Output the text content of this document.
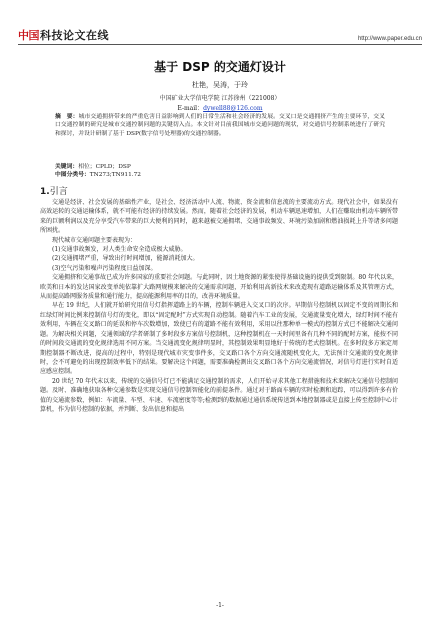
中国 科技论文在线	http://www.paper.edu.cn
基于 DSP 的交通灯设计
杜艳，吴涛，于玲
中国矿业大学信电学院 江苏徐州（221008）
E-mail：dywell88@126.com
摘　要：城市交通拥挤带来的严重危害日益影响到人们的日常生活和社会经济的发展。交叉口是交通拥挤产生的主要环节，交叉口交通控制的研究是城市交通控制问题的关键切入点。本文针对目前我国城市交通问题的现状，对交通信号控制系统进行了研究和探讨，并设计研制了基于 DSP(数字信号处理器)的交通控制器。
关键词：相位；CPLD；DSP
中图分类号：TN273;TN911.72
1.引言

交通是经济、社会发展的基础性产业，是社会、经济活动中人流、物流、资金流和信息流的主要流动方式。现代社会中，如果没有高效运转的交通运输体系，就不可能有经济的持续发展。然而，随着社会经济的发展，机动车辆迅速增加，人们在赚取由机动车辆所带来的巨额利润以及充分享受汽车带来的巨大便利的同时，越来越被交通拥堵、交通事故频发、环境污染加剧和燃油损耗上升等诸多问题所困扰。

现代城市交通问题主要表现为：

(1)交通事故频发，对人类生命安全造成极大威胁。

(2)交通拥堵严重，导致出行时间增加，能源消耗加大。

(3)空气污染和噪声污染程度日益加深。

交通拥挤和交通事故已成为许多国家的重要社会问题。与此同时，因土地资源的紧张使得基础设施的提供受到限制。80 年代以来，欧美和日本的发达国家改变单纯依靠扩大路网规模来解决的交通需求问题，开始利用高新技术来改造现有道路运输体系及其管理方式，从而提高路网服务质量和通行能力，提高能源利用率的目的，改善环境质量。

早在 19 世纪，人们就开始研究用信号灯指挥道路上的车辆，控制车辆进入交叉口的次序。早期信号控制机以固定不变的周期长和红绿灯时间比例来控制信号灯的变化，即以“固定配时”方式实现自动控制。随着汽车工业的发展，交通流量变化增大，绿灯时间不能有效利用，车辆在交叉路口的延误和停车次数增加，致使已有的道路不能有效利用，采用以往那种单一模式的控制方式已不能解决交通问题。为解决相关问题，交通领域的学者研制了多时段多方案信号控制机，这种控制机在一天时间里备有几种不同的配时方案，能按不同的时间段交通流的变化规律选用不同方案。当交通流变化规律明显时，其控制效果明显地好于传统的老式控制机。在多时段多方案定周期控制器不断改进，提高的过程中，特别是现代城市灾变事件多，交叉路口各个方向交通流随机变化大，无法预计交通流的变化规律时，会不可避免的出现控制效率低下的结果。要解决这个问题，需要准确检测出交叉路口各个方向交通流情况，对信号灯进行实时自适应感应控制。

20 世纪 70 年代末以来，传统的交通信号灯已不能满足交通控制的需求，人们开始寻求其他工程措施和技术来解决交通信号控制问题。及时、准确地获取各种交通参数是实现交通信号控制智能化的前提条件。通过对于路面车辆的实时检测和追踪，可以得到许多有价值的交通流参数，例如：车流量、车型、车速、车流密度等等;检测到的数据通过通信系统传送到本地控制器或是直接上传至控制中心计算机，作为信号控制的依据，并判断、发出信息和提出

-1-
